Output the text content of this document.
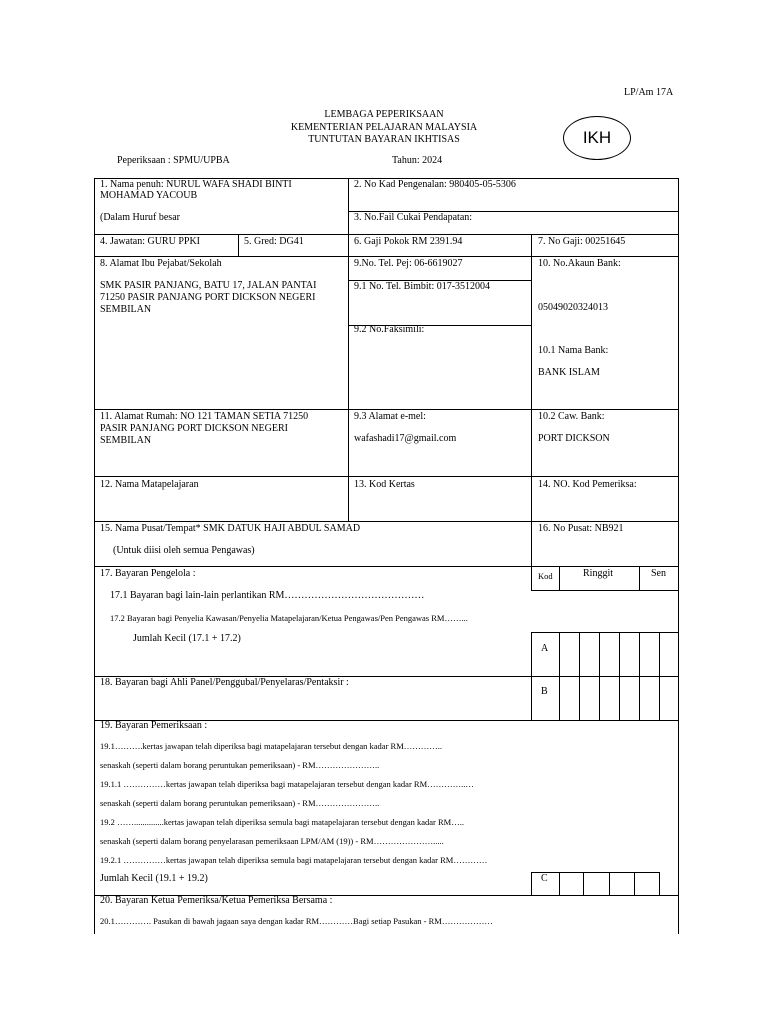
LP/Am 17A
LEMBAGA PEPERIKSAAN
KEMENTERIAN PELAJARAN MALAYSIA
TUNTUTAN BAYARAN IKHTISAS	IKH
Peperiksaan : SPMU/UPBA	Tahun: 2024
1. Nama penuh: NURUL WAFA SHADI BINTI
MOHAMAD YACOUB
(Dalam Huruf besar
2. No Kad Pengenalan: 980405-05-5306
3. No.Fail Cukai Pendapatan:
4. Jawatan: GURU PPKI	5. Gred: DG41	6. Gaji Pokok RM 2391.94	7. No Gaji: 00251645
8. Alamat Ibu Pejabat/Sekolah
SMK PASIR PANJANG, BATU 17, JALAN PANTAI
71250 PASIR PANJANG PORT DICKSON NEGERI
SEMBILAN
9.No. Tel. Pej: 06-6619027
9.1 No. Tel. Bimbit: 017-3512004
9.2 No.Faksimili:
10. No.Akaun Bank:
05049020324013
10.1 Nama Bank:
BANK ISLAM
11. Alamat Rumah: NO 121 TAMAN SETIA 71250
PASIR PANJANG PORT DICKSON NEGERI
SEMBILAN
9.3 Alamat e-mel:
wafashadi17@gmail.com
10.2 Caw. Bank:
PORT DICKSON
12. Nama Matapelajaran	13. Kod Kertas	14. NO. Kod Pemeriksa:
15. Nama Pusat/Tempat* SMK DATUK HAJI ABDUL SAMAD
(Untuk diisi oleh semua Pengawas)
16. No Pusat: NB921
17. Bayaran Pengelola :	Kod	Ringgit	Sen
17.1 Bayaran bagi lain-lain perlantikan RM……………………………………
17.2 Bayaran bagi Penyelia Kawasan/Penyelia Matapelajaran/Ketua Pengawas/Pen Pengawas RM……...
Jumlah Kecil (17.1 + 17.2)
A
18. Bayaran bagi Ahli Panel/Penggubal/Penyelaras/Pentaksir :
B
19. Bayaran Pemeriksaan :
19.1……….kertas jawapan telah diperiksa bagi matapelajaran tersebut dengan kadar RM…………..
senaskah (seperti dalam borang peruntukan pemeriksaan) - RM…………………..
19.1.1 ……………kertas jawapan telah diperiksa bagi matapelajaran tersebut dengan kadar RM…………..…
senaskah (seperti dalam borang peruntukan pemeriksaan) - RM…………………..
19.2 ……..............kertas jawapan telah diperiksa semula bagi matapelajaran tersebut dengan kadar RM…..
senaskah (seperti dalam borang penyelarasan pemeriksaan LPM/AM (19)) - RM………………….....
19.2.1 ……………kertas jawapan telah diperiksa semula bagi matapelajaran tersebut dengan kadar RM…………
Jumlah Kecil (19.1 + 19.2)	C
20. Bayaran Ketua Pemeriksa/Ketua Pemeriksa Bersama :
20.1…………. Pasukan di bawah jagaan saya dengan kadar RM…………Bagi setiap Pasukan - RM………………
